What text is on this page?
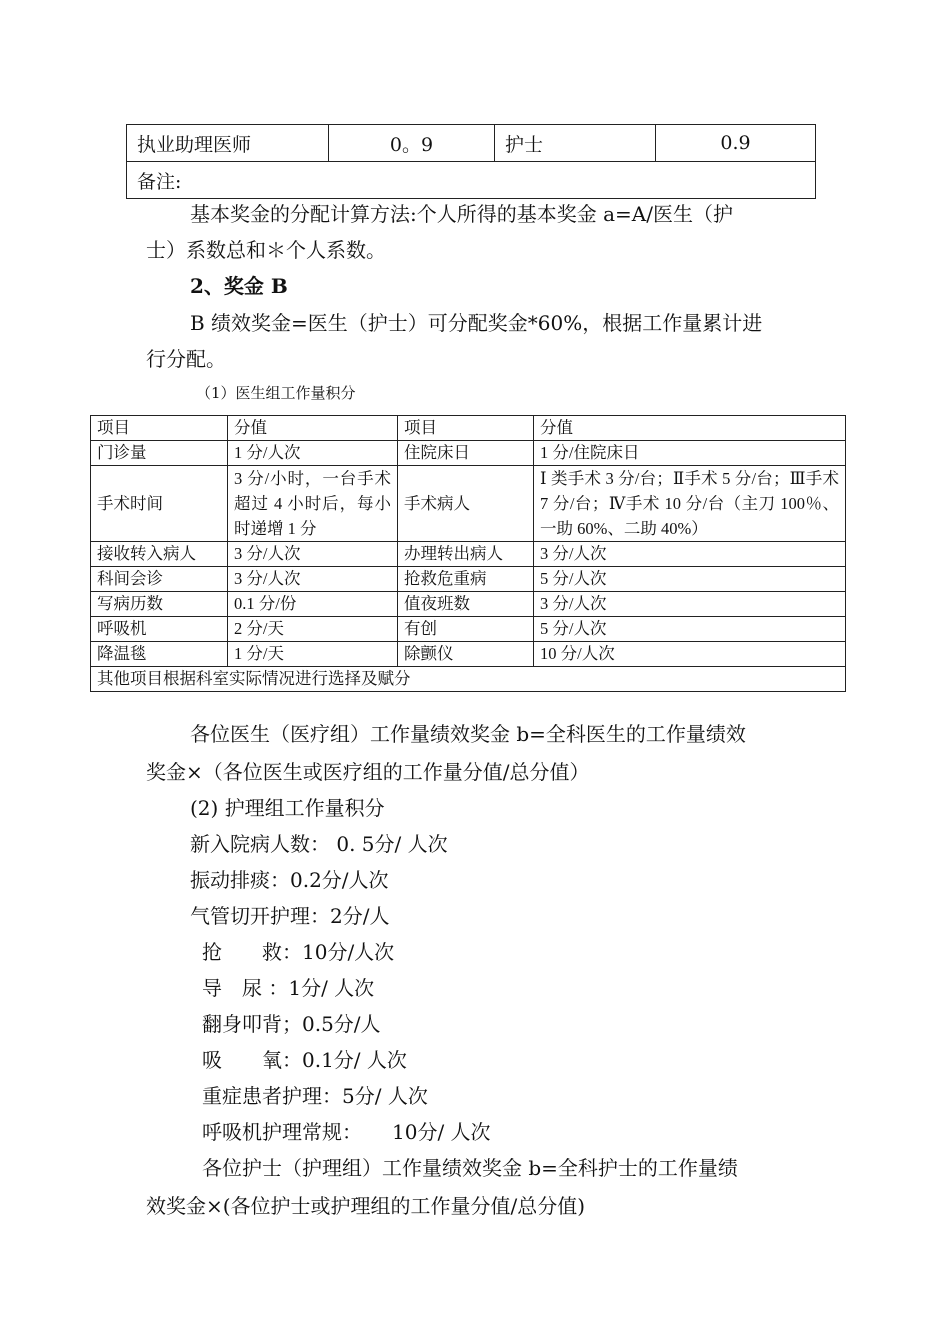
执业助理医师	0。9	护士	0.9
备注:
基本奖金的分配计算方法:个人所得的基本奖金 a=A/医生（护
士）系数总和＊个人系数。
2、奖金 B
B 绩效奖金=医生（护士）可分配奖金*60%，根据工作量累计进
行分配。
（1）医生组工作量积分
项目	分值	项目	分值
门诊量	1 分/人次	住院床日	1 分/住院床日
手术时间	3 分/小时，一台手术超过 4 小时后，每小时递增 1 分	手术病人	Ⅰ 类手术 3 分/台；Ⅱ手术 5 分/台；Ⅲ手术 7 分/台；Ⅳ手术 10 分/台（主刀 100％、一助 60%、二助 40%）
接收转入病人	3 分/人次	办理转出病人	3 分/人次
科间会诊	3 分/人次	抢救危重病	5 分/人次
写病历数	0.1 分/份	值夜班数	3 分/人次
呼吸机	2 分/天	有创	5 分/人次
降温毯	1 分/天	除颤仪	10 分/人次
其他项目根据科室实际情况进行选择及赋分			
各位医生（医疗组）工作量绩效奖金 b=全科医生的工作量绩效
奖金×（各位医生或医疗组的工作量分值/总分值）
(2) 护理组工作量积分
新入院病人数： 0. 5分/ 人次
振动排痰：0.2分/人次
气管切开护理：2分/人
抢　　救：10分/人次
导　尿 ：1分/ 人次
翻身叩背；0.5分/人
吸　　氧：0.1分/ 人次
重症患者护理：5分/ 人次
呼吸机护理常规：　　10分/ 人次
各位护士（护理组）工作量绩效奖金 b=全科护士的工作量绩
效奖金×(各位护士或护理组的工作量分值/总分值)
